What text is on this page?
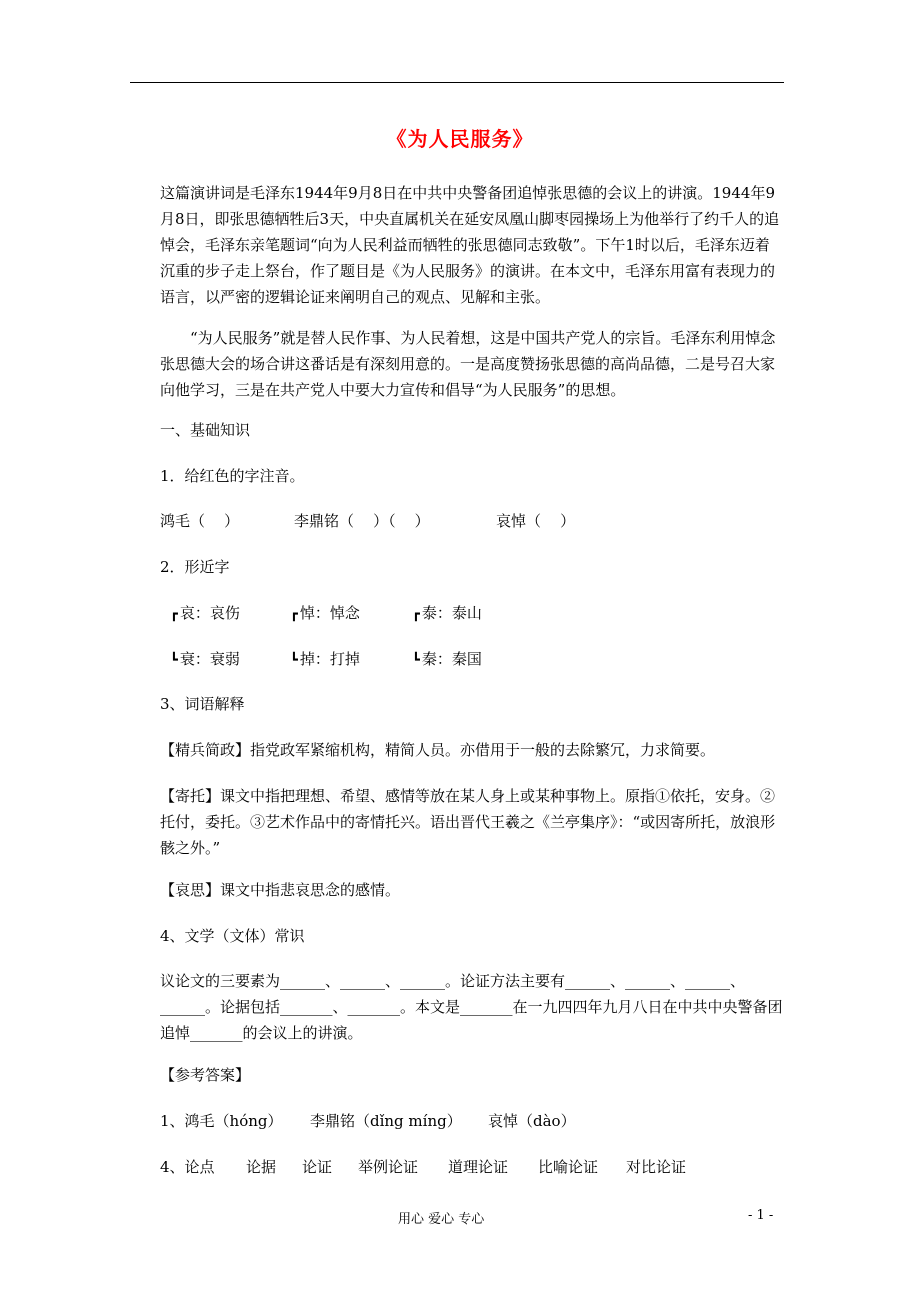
《为人民服务》
这篇演讲词是毛泽东1944年9月8日在中共中央警备团追悼张思德的会议上的讲演。1944年9月8日，即张思德牺牲后3天，中央直属机关在延安凤凰山脚枣园操场上为他举行了约千人的追悼会，毛泽东亲笔题词“向为人民利益而牺牲的张思德同志致敬”。下午1时以后，毛泽东迈着沉重的步子走上祭台，作了题目是《为人民服务》的演讲。在本文中，毛泽东用富有表现力的语言，以严密的逻辑论证来阐明自己的观点、见解和主张。
“为人民服务”就是替人民作事、为人民着想，这是中国共产党人的宗旨。毛泽东利用悼念张思德大会的场合讲这番话是有深刻用意的。一是高度赞扬张思德的高尚品德，二是号召大家向他学习，三是在共产党人中要大力宣传和倡导“为人民服务”的思想。
一、基础知识
1．给红色的字注音。
鸿毛（    ）	李鼎铭（    ）（    ）	哀悼（    ）
2．形近字
┏ 哀：哀伤	┏ 悼：悼念	┏ 泰：泰山
┗ 衰：衰弱	┗ 掉：打掉	┗ 秦：秦国
3、词语解释
【精兵简政】指党政军紧缩机构，精简人员。亦借用于一般的去除繁冗，力求简要。
【寄托】课文中指把理想、希望、感情等放在某人身上或某种事物上。原指①依托，安身。②托付，委托。③艺术作品中的寄情托兴。语出晋代王羲之《兰亭集序》：“或因寄所托，放浪形骸之外。”
【哀思】课文中指悲哀思念的感情。
4、文学（文体）常识
议论文的三要素为______、______、______。论证方法主要有______、______、______、______。论据包括_______、_______。本文是_______在一九四四年九月八日在中共中央警备团追悼_______的会议上的讲演。
【参考答案】
1、鸿毛（hóng） 李鼎铭（dǐng míng） 哀悼（dào）
4、论点 论据 论证 举例论证 道理论证 比喻论证 对比论证
用心 爱心 专心	- 1 -
